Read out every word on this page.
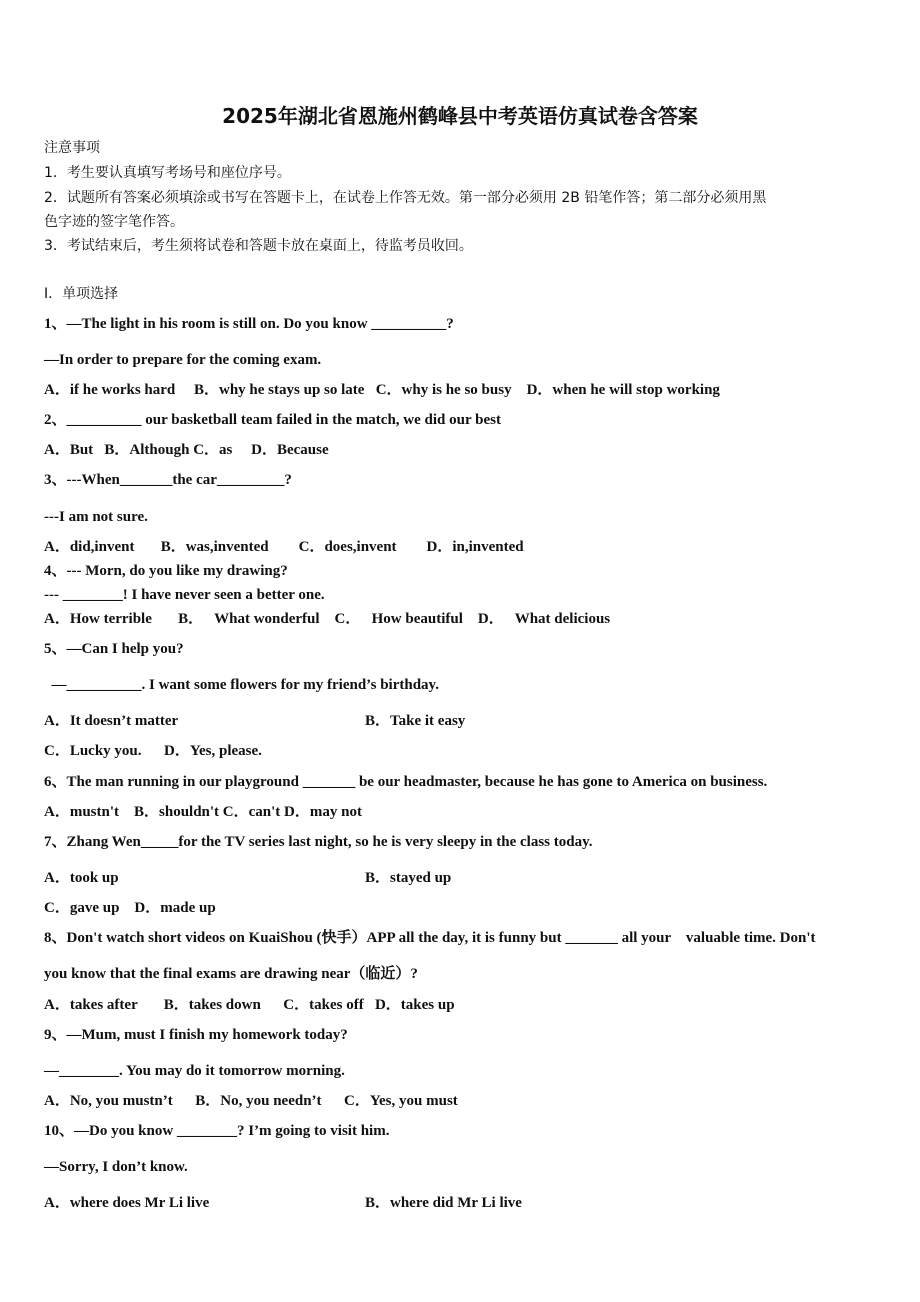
2025年湖北省恩施州鹤峰县中考英语仿真试卷含答案
注意事项
1．考生要认真填写考场号和座位序号。
2．试题所有答案必须填涂或书写在答题卡上，在试卷上作答无效。第一部分必须用 2B 铅笔作答；第二部分必须用黑
色字迹的签字笔作答。
3．考试结束后，考生须将试卷和答题卡放在桌面上，待监考员收回。
Ⅰ．单项选择
1、—The light in his room is still on. Do you know __________?
—In order to prepare for the coming exam.
A．if he works hard     B．why he stays up so late   C．why is he so busy    D．when he will stop working
2、__________ our basketball team failed in the match, we did our best
A．But   B．Although C．as     D．Because
3、---When_______the car_________?
---I am not sure.
A．did,invent       B．was,invented        C．does,invent        D．in,invented
4、--- Morn, do you like my drawing?
--- ________! I have never seen a better one.
A．How terrible       B．   What wonderful    C．   How beautiful    D．   What delicious
5、—Can I help you?
—__________. I want some flowers for my friend’s birthday.
A．It doesn’t matter	B．Take it easy
C．Lucky you.      D．Yes, please.
6、The man running in our playground _______ be our headmaster, because he has gone to America on business.
A．mustn't    B．shouldn't C．can't D．may not
7、Zhang Wen_____for the TV series last night, so he is very sleepy in the class today.
A．took up	B．stayed up
C．gave up    D．made up
8、Don't watch short videos on KuaiShou (快手）APP all the day, it is funny but _______ all your    valuable time. Don't
you know that the final exams are drawing near（临近）?
A．takes after       B．takes down      C．takes off   D．takes up
9、—Mum, must I finish my homework today?
—________. You may do it tomorrow morning.
A．No, you mustn’t      B．No, you needn’t      C．Yes, you must
10、—Do you know ________? I’m going to visit him.
—Sorry, I don’t know.
A．where does Mr Li live	B．where did Mr Li live
